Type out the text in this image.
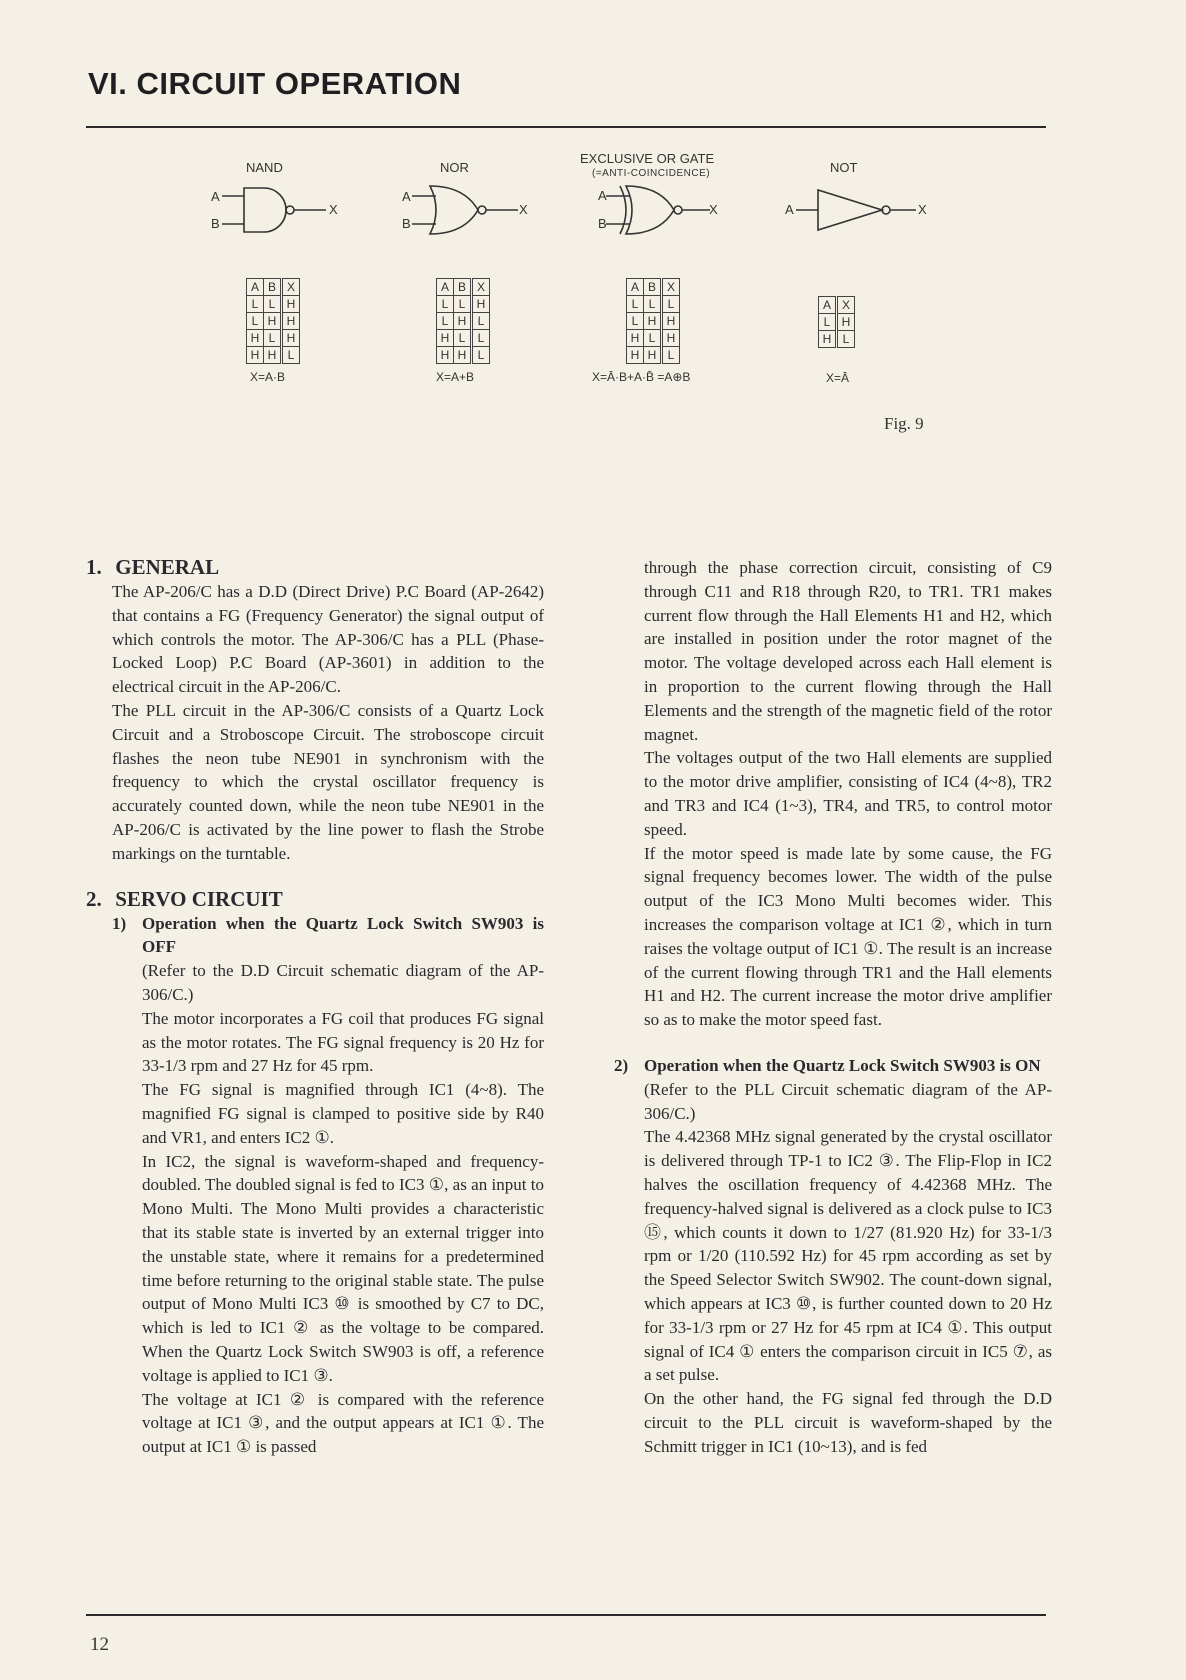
VI. CIRCUIT OPERATION
NAND
A
B
X
A	B	X
L	L	H
L	H	H
H	L	H
H	H	L
X=A·B
NOR
A
B
X
A	B	X
L	L	H
L	H	L
H	L	L
H	H	L
X=A+B
EXCLUSIVE OR GATE
(=ANTI-COINCIDENCE)
A
B
X
A	B	X
L	L	L
L	H	H
H	L	H
H	H	L
X=Ā·B+A·B̄ =A⊕B
NOT
A	X
A	X
L	H
H	L
X=Ā
Fig. 9
1. GENERAL

The AP-206/C has a D.D (Direct Drive) P.C Board (AP-2642) that contains a FG (Frequency Generator) the signal output of which controls the motor. The AP-306/C has a PLL (Phase-Locked Loop) P.C Board (AP-3601) in addition to the electrical circuit in the AP-206/C.

The PLL circuit in the AP-306/C consists of a Quartz Lock Circuit and a Stroboscope Circuit. The stroboscope circuit flashes the neon tube NE901 in synchronism with the frequency to which the crystal oscillator frequency is accurately counted down, while the neon tube NE901 in the AP-206/C is activated by the line power to flash the Strobe markings on the turntable.

2. SERVO CIRCUIT
1) Operation when the Quartz Lock Switch SW903 is OFF

(Refer to the D.D Circuit schematic diagram of the AP-306/C.)

The motor incorporates a FG coil that produces FG signal as the motor rotates. The FG signal frequency is 20 Hz for 33-1/3 rpm and 27 Hz for 45 rpm.

The FG signal is magnified through IC1 (4~8). The magnified FG signal is clamped to positive side by R40 and VR1, and enters IC2 ①.

In IC2, the signal is waveform-shaped and frequency-doubled. The doubled signal is fed to IC3 ①, as an input to Mono Multi. The Mono Multi provides a characteristic that its stable state is inverted by an external trigger into the unstable state, where it remains for a predetermined time before returning to the original stable state. The pulse output of Mono Multi IC3 ⑩ is smoothed by C7 to DC, which is led to IC1 ② as the voltage to be compared. When the Quartz Lock Switch SW903 is off, a reference voltage is applied to IC1 ③.

The voltage at IC1 ② is compared with the reference voltage at IC1 ③, and the output appears at IC1 ①. The output at IC1 ① is passed

through the phase correction circuit, consisting of C9 through C11 and R18 through R20, to TR1. TR1 makes current flow through the Hall Elements H1 and H2, which are installed in position under the rotor magnet of the motor. The voltage developed across each Hall element is in proportion to the current flowing through the Hall Elements and the strength of the magnetic field of the rotor magnet.

The voltages output of the two Hall elements are supplied to the motor drive amplifier, consisting of IC4 (4~8), TR2 and TR3 and IC4 (1~3), TR4, and TR5, to control motor speed.

If the motor speed is made late by some cause, the FG signal frequency becomes lower. The width of the pulse output of the IC3 Mono Multi becomes wider. This increases the comparison voltage at IC1 ②, which in turn raises the voltage output of IC1 ①. The result is an increase of the current flowing through TR1 and the Hall elements H1 and H2. The current increase the motor drive amplifier so as to make the motor speed fast.

2) Operation when the Quartz Lock Switch SW903 is ON

(Refer to the PLL Circuit schematic diagram of the AP-306/C.)

The 4.42368 MHz signal generated by the crystal oscillator is delivered through TP-1 to IC2 ③. The Flip-Flop in IC2 halves the oscillation frequency of 4.42368 MHz. The frequency-halved signal is delivered as a clock pulse to IC3 ⑮, which counts it down to 1/27 (81.920 Hz) for 33-1/3 rpm or 1/20 (110.592 Hz) for 45 rpm according as set by the Speed Selector Switch SW902. The count-down signal, which appears at IC3 ⑩, is further counted down to 20 Hz for 33-1/3 rpm or 27 Hz for 45 rpm at IC4 ①. This output signal of IC4 ① enters the comparison circuit in IC5 ⑦, as a set pulse.

On the other hand, the FG signal fed through the D.D circuit to the PLL circuit is waveform-shaped by the Schmitt trigger in IC1 (10~13), and is fed

12
